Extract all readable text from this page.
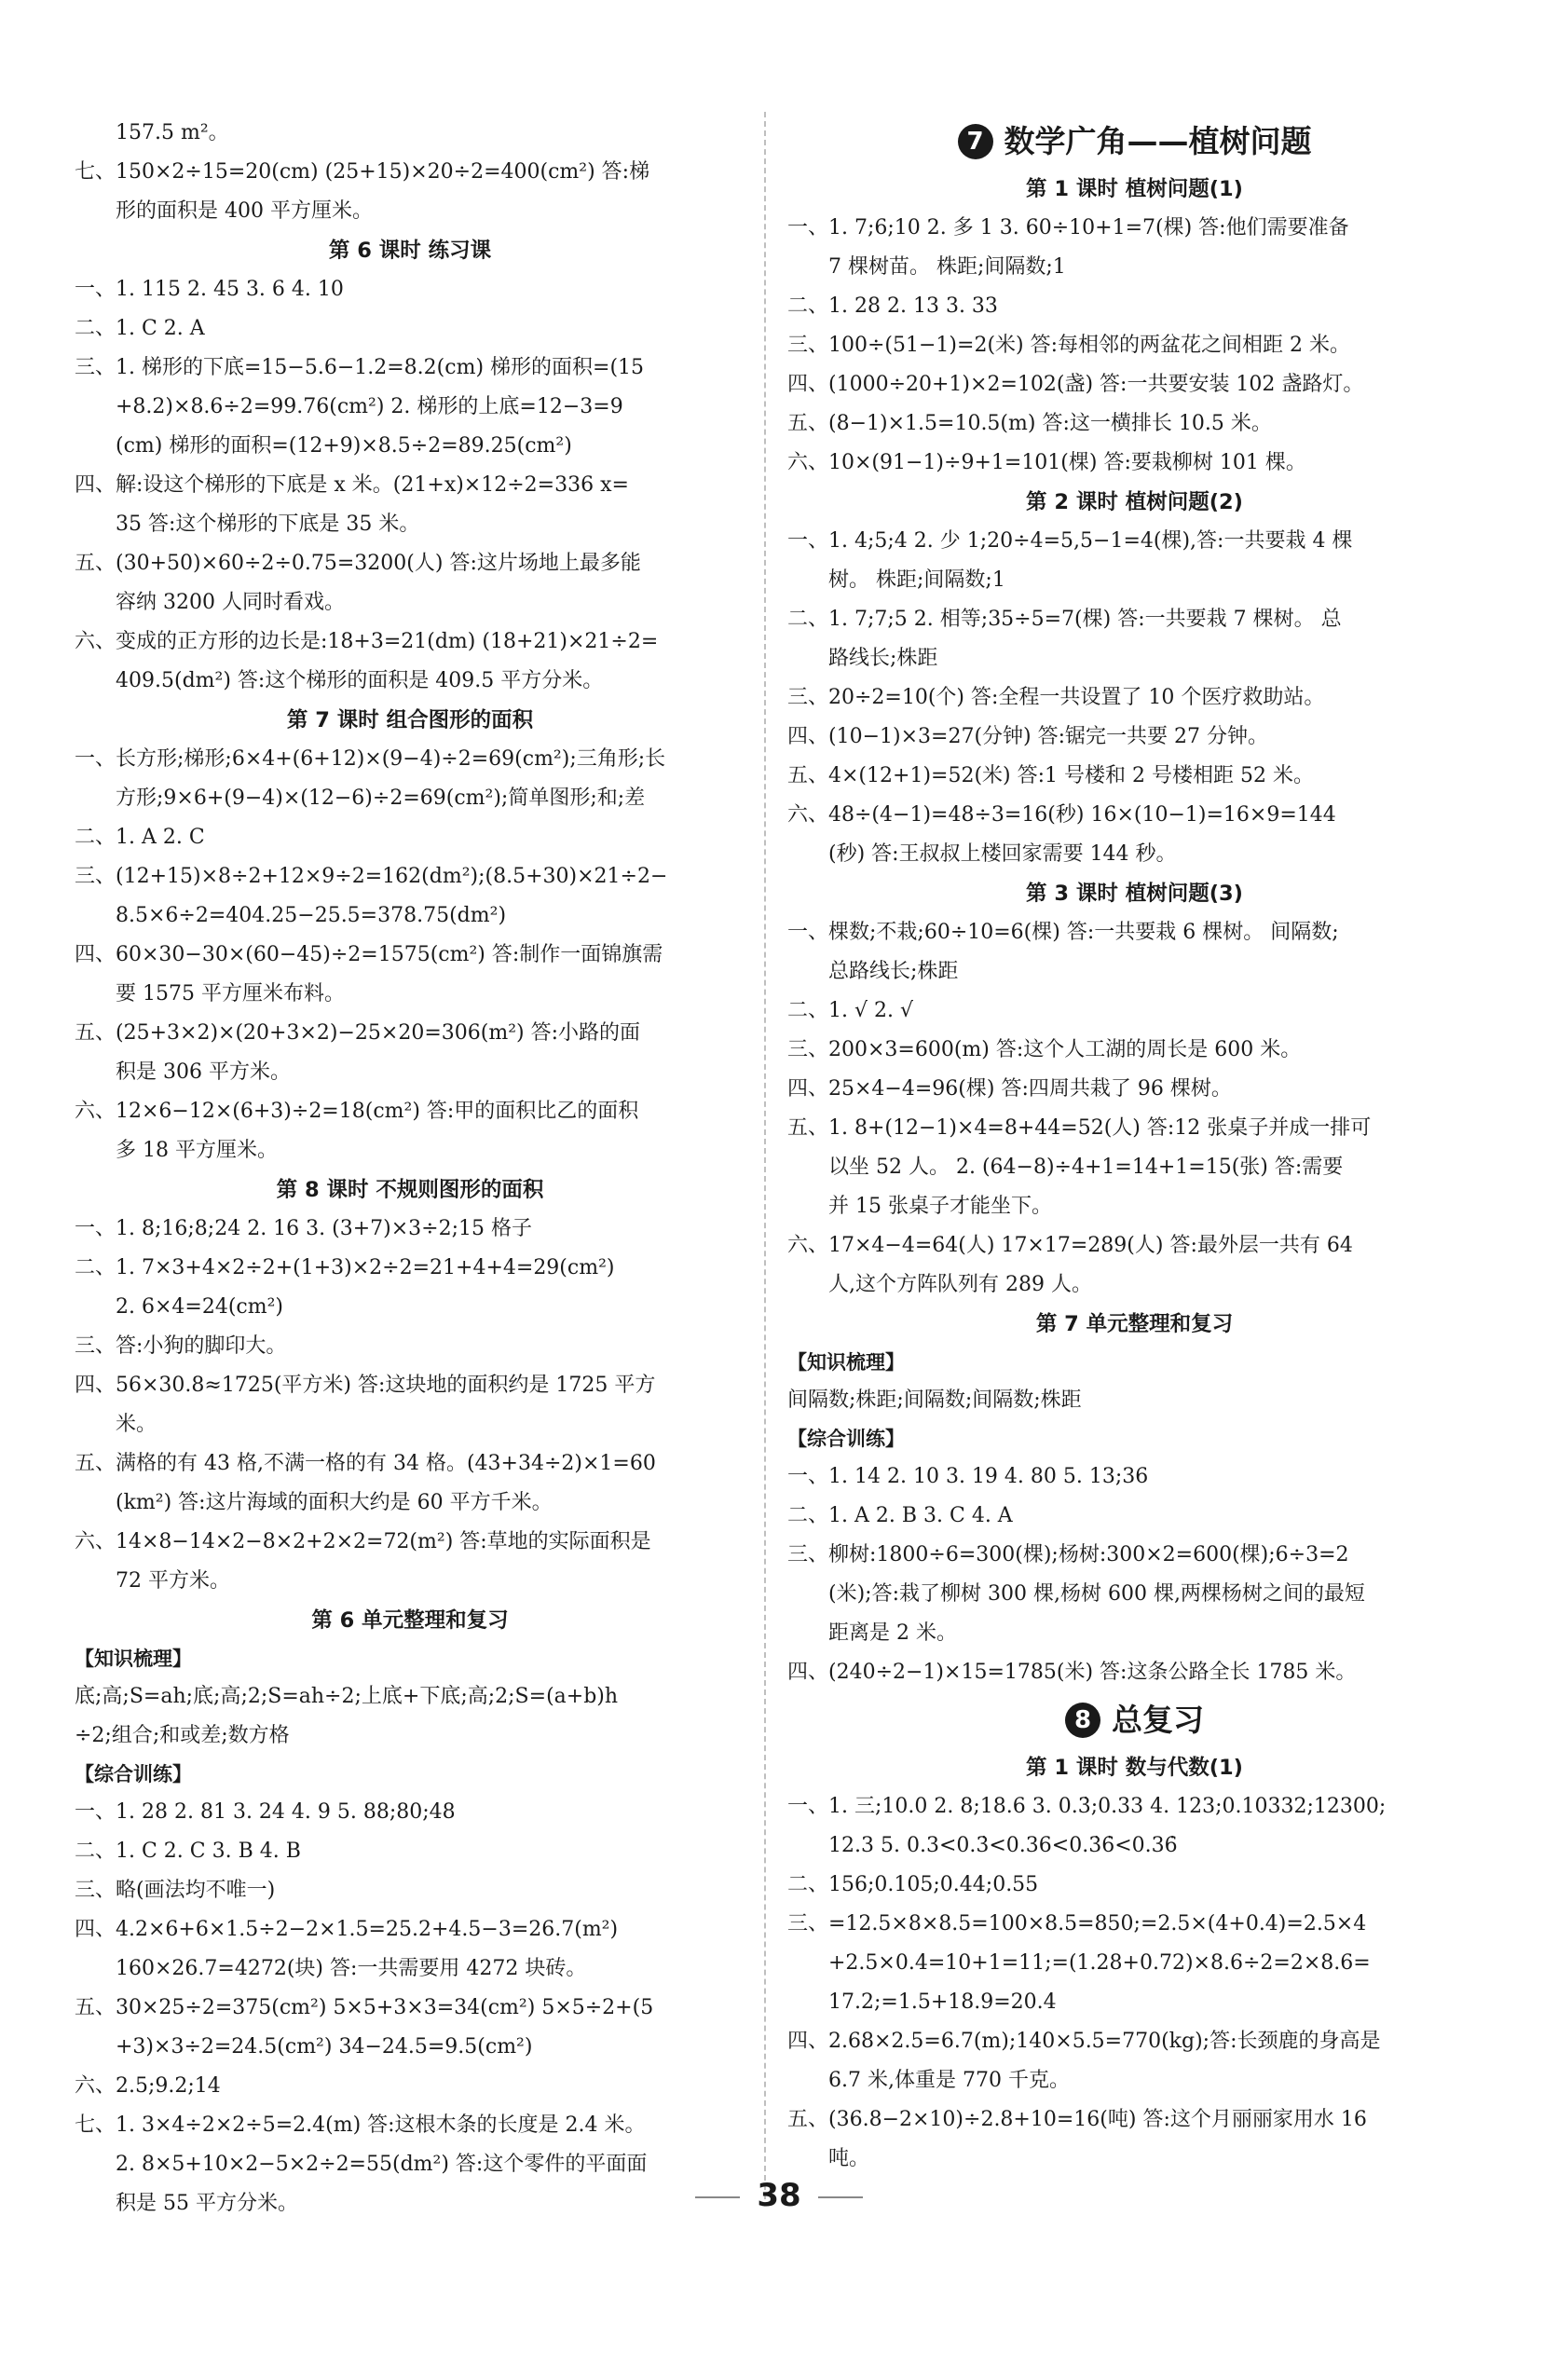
157.5 m²。
七、150×2÷15=20(cm) (25+15)×20÷2=400(cm²) 答:梯
形的面积是 400 平方厘米。
第 6 课时 练习课
一、1. 115 2. 45 3. 6 4. 10
二、1. C 2. A
三、1. 梯形的下底=15−5.6−1.2=8.2(cm) 梯形的面积=(15
+8.2)×8.6÷2=99.76(cm²) 2. 梯形的上底=12−3=9
(cm) 梯形的面积=(12+9)×8.5÷2=89.25(cm²)
四、解:设这个梯形的下底是 x 米。(21+x)×12÷2=336 x=
35 答:这个梯形的下底是 35 米。
五、(30+50)×60÷2÷0.75=3200(人) 答:这片场地上最多能
容纳 3200 人同时看戏。
六、变成的正方形的边长是:18+3=21(dm) (18+21)×21÷2=
409.5(dm²) 答:这个梯形的面积是 409.5 平方分米。
第 7 课时 组合图形的面积
一、长方形;梯形;6×4+(6+12)×(9−4)÷2=69(cm²);三角形;长
方形;9×6+(9−4)×(12−6)÷2=69(cm²);简单图形;和;差
二、1. A 2. C
三、(12+15)×8÷2+12×9÷2=162(dm²);(8.5+30)×21÷2−
8.5×6÷2=404.25−25.5=378.75(dm²)
四、60×30−30×(60−45)÷2=1575(cm²) 答:制作一面锦旗需
要 1575 平方厘米布料。
五、(25+3×2)×(20+3×2)−25×20=306(m²) 答:小路的面
积是 306 平方米。
六、12×6−12×(6+3)÷2=18(cm²) 答:甲的面积比乙的面积
多 18 平方厘米。
第 8 课时 不规则图形的面积
一、1. 8;16;8;24 2. 16 3. (3+7)×3÷2;15 格子
二、1. 7×3+4×2÷2+(1+3)×2÷2=21+4+4=29(cm²)
2. 6×4=24(cm²)
三、答:小狗的脚印大。
四、56×30.8≈1725(平方米) 答:这块地的面积约是 1725 平方
米。
五、满格的有 43 格,不满一格的有 34 格。(43+34÷2)×1=60
(km²) 答:这片海域的面积大约是 60 平方千米。
六、14×8−14×2−8×2+2×2=72(m²) 答:草地的实际面积是
72 平方米。
第 6 单元整理和复习
【知识梳理】
底;高;S=ah;底;高;2;S=ah÷2;上底+下底;高;2;S=(a+b)h
÷2;组合;和或差;数方格
【综合训练】
一、1. 28 2. 81 3. 24 4. 9 5. 88;80;48
二、1. C 2. C 3. B 4. B
三、略(画法均不唯一)
四、4.2×6+6×1.5÷2−2×1.5=25.2+4.5−3=26.7(m²)
160×26.7=4272(块) 答:一共需要用 4272 块砖。
五、30×25÷2=375(cm²) 5×5+3×3=34(cm²) 5×5÷2+(5
+3)×3÷2=24.5(cm²) 34−24.5=9.5(cm²)
六、2.5;9.2;14
七、1. 3×4÷2×2÷5=2.4(m) 答:这根木条的长度是 2.4 米。
2. 8×5+10×2−5×2÷2=55(dm²) 答:这个零件的平面面
积是 55 平方分米。
7 数学广角——植树问题
第 1 课时 植树问题(1)
一、1. 7;6;10 2. 多 1 3. 60÷10+1=7(棵) 答:他们需要准备
7 棵树苗。 株距;间隔数;1
二、1. 28 2. 13 3. 33
三、100÷(51−1)=2(米) 答:每相邻的两盆花之间相距 2 米。
四、(1000÷20+1)×2=102(盏) 答:一共要安装 102 盏路灯。
五、(8−1)×1.5=10.5(m) 答:这一横排长 10.5 米。
六、10×(91−1)÷9+1=101(棵) 答:要栽柳树 101 棵。
第 2 课时 植树问题(2)
一、1. 4;5;4 2. 少 1;20÷4=5,5−1=4(棵),答:一共要栽 4 棵
树。 株距;间隔数;1
二、1. 7;7;5 2. 相等;35÷5=7(棵) 答:一共要栽 7 棵树。 总
路线长;株距
三、20÷2=10(个) 答:全程一共设置了 10 个医疗救助站。
四、(10−1)×3=27(分钟) 答:锯完一共要 27 分钟。
五、4×(12+1)=52(米) 答:1 号楼和 2 号楼相距 52 米。
六、48÷(4−1)=48÷3=16(秒) 16×(10−1)=16×9=144
(秒) 答:王叔叔上楼回家需要 144 秒。
第 3 课时 植树问题(3)
一、棵数;不栽;60÷10=6(棵) 答:一共要栽 6 棵树。 间隔数;
总路线长;株距
二、1. √ 2. √
三、200×3=600(m) 答:这个人工湖的周长是 600 米。
四、25×4−4=96(棵) 答:四周共栽了 96 棵树。
五、1. 8+(12−1)×4=8+44=52(人) 答:12 张桌子并成一排可
以坐 52 人。 2. (64−8)÷4+1=14+1=15(张) 答:需要
并 15 张桌子才能坐下。
六、17×4−4=64(人) 17×17=289(人) 答:最外层一共有 64
人,这个方阵队列有 289 人。
第 7 单元整理和复习
【知识梳理】
间隔数;株距;间隔数;间隔数;株距
【综合训练】
一、1. 14 2. 10 3. 19 4. 80 5. 13;36
二、1. A 2. B 3. C 4. A
三、柳树:1800÷6=300(棵);杨树:300×2=600(棵);6÷3=2
(米);答:栽了柳树 300 棵,杨树 600 棵,两棵杨树之间的最短
距离是 2 米。
四、(240÷2−1)×15=1785(米) 答:这条公路全长 1785 米。
8 总复习
第 1 课时 数与代数(1)
一、1. 三;10.0 2. 8;18.6 3. 0.3̇;0.33 4. 123;0.10332;12300;
12.3 5. 0.3<0.3̇<0.36<0.3̇6̇<0.36̇
二、156;0.105;0.44;0.55
三、=12.5×8×8.5=100×8.5=850;=2.5×(4+0.4)=2.5×4
+2.5×0.4=10+1=11;=(1.28+0.72)×8.6÷2=2×8.6=
17.2;=1.5+18.9=20.4
四、2.68×2.5=6.7(m);140×5.5=770(kg);答:长颈鹿的身高是
6.7 米,体重是 770 千克。
五、(36.8−2×10)÷2.8+10=16(吨) 答:这个月丽丽家用水 16
吨。
38
